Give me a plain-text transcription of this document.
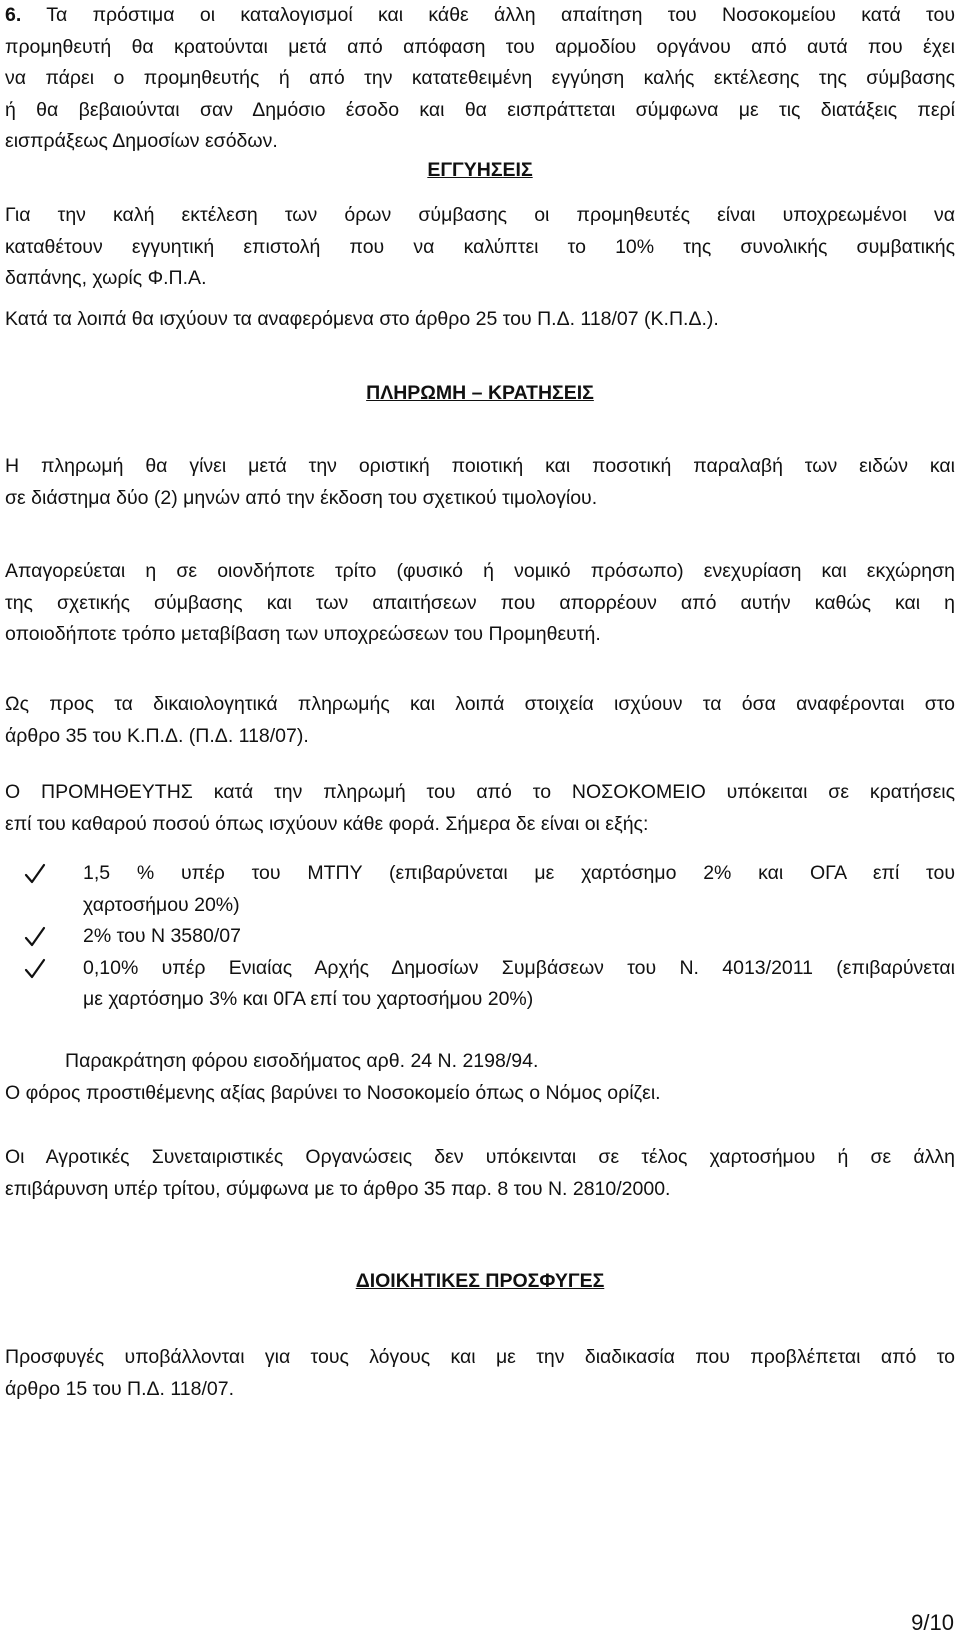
6. Τα πρόστιμα οι καταλογισμοί και κάθε άλλη απαίτηση του Νοσοκομείου κατά του
προμηθευτή θα κρατούνται μετά από απόφαση του αρμοδίου οργάνου από αυτά που έχει
να πάρει ο προμηθευτής ή από την κατατεθειμένη εγγύηση καλής εκτέλεσης της σύμβασης
ή θα βεβαιούνται σαν Δημόσιο έσοδο και θα εισπράττεται σύμφωνα με τις διατάξεις περί
εισπράξεως Δημοσίων εσόδων.
ΕΓΓΥΗΣΕΙΣ
Για την καλή εκτέλεση των όρων σύμβασης οι προμηθευτές είναι υποχρεωμένοι να
καταθέτουν εγγυητική επιστολή που να καλύπτει το 10% της συνολικής συμβατικής
δαπάνης, χωρίς Φ.Π.Α.
Κατά τα λοιπά θα ισχύουν τα αναφερόμενα στο άρθρο 25 του Π.Δ. 118/07 (Κ.Π.Δ.).
ΠΛΗΡΩΜΗ – ΚΡΑΤΗΣΕΙΣ
Η πληρωμή θα γίνει μετά την οριστική ποιοτική και ποσοτική παραλαβή των ειδών και
σε διάστημα δύο (2) μηνών από την έκδοση του σχετικού τιμολογίου.
Απαγορεύεται η σε οιονδήποτε τρίτο (φυσικό ή νομικό πρόσωπο) ενεχυρίαση και εκχώρηση
της σχετικής σύμβασης και των απαιτήσεων που απορρέουν από αυτήν καθώς και η
οποιοδήποτε τρόπο μεταβίβαση των υποχρεώσεων του Προμηθευτή.
Ως προς τα δικαιολογητικά πληρωμής και λοιπά στοιχεία ισχύουν τα όσα αναφέρονται στο
άρθρο 35 του Κ.Π.Δ. (Π.Δ. 118/07).
Ο ΠΡΟΜΗΘΕΥΤΗΣ κατά την πληρωμή του από το ΝΟΣΟΚΟΜΕΙΟ υπόκειται σε κρατήσεις
επί του καθαρού ποσού όπως ισχύουν κάθε φορά. Σήμερα δε είναι οι εξής:
1,5 % υπέρ του ΜΤΠΥ (επιβαρύνεται με χαρτόσημο 2% και ΟΓΑ επί του
χαρτοσήμου 20%)
2% του Ν 3580/07
0,10% υπέρ Ενιαίας Αρχής Δημοσίων Συμβάσεων του Ν. 4013/2011 (επιβαρύνεται
με χαρτόσημο 3% και 0ΓΑ επί του χαρτοσήμου 20%)
Παρακράτηση φόρου εισοδήματος αρθ. 24 Ν. 2198/94.
Ο φόρος προστιθέμενης αξίας βαρύνει το Νοσοκομείο όπως ο Νόμος ορίζει.
Οι Αγροτικές Συνεταιριστικές Οργανώσεις δεν υπόκεινται σε τέλος χαρτοσήμου ή σε άλλη
επιβάρυνση υπέρ τρίτου, σύμφωνα με το άρθρο 35 παρ. 8 του Ν. 2810/2000.
ΔΙΟΙΚΗΤΙΚΕΣ ΠΡΟΣΦΥΓΕΣ
Προσφυγές υποβάλλονται για τους λόγους και με την διαδικασία που προβλέπεται από το
άρθρο 15 του Π.Δ. 118/07.
9/10
